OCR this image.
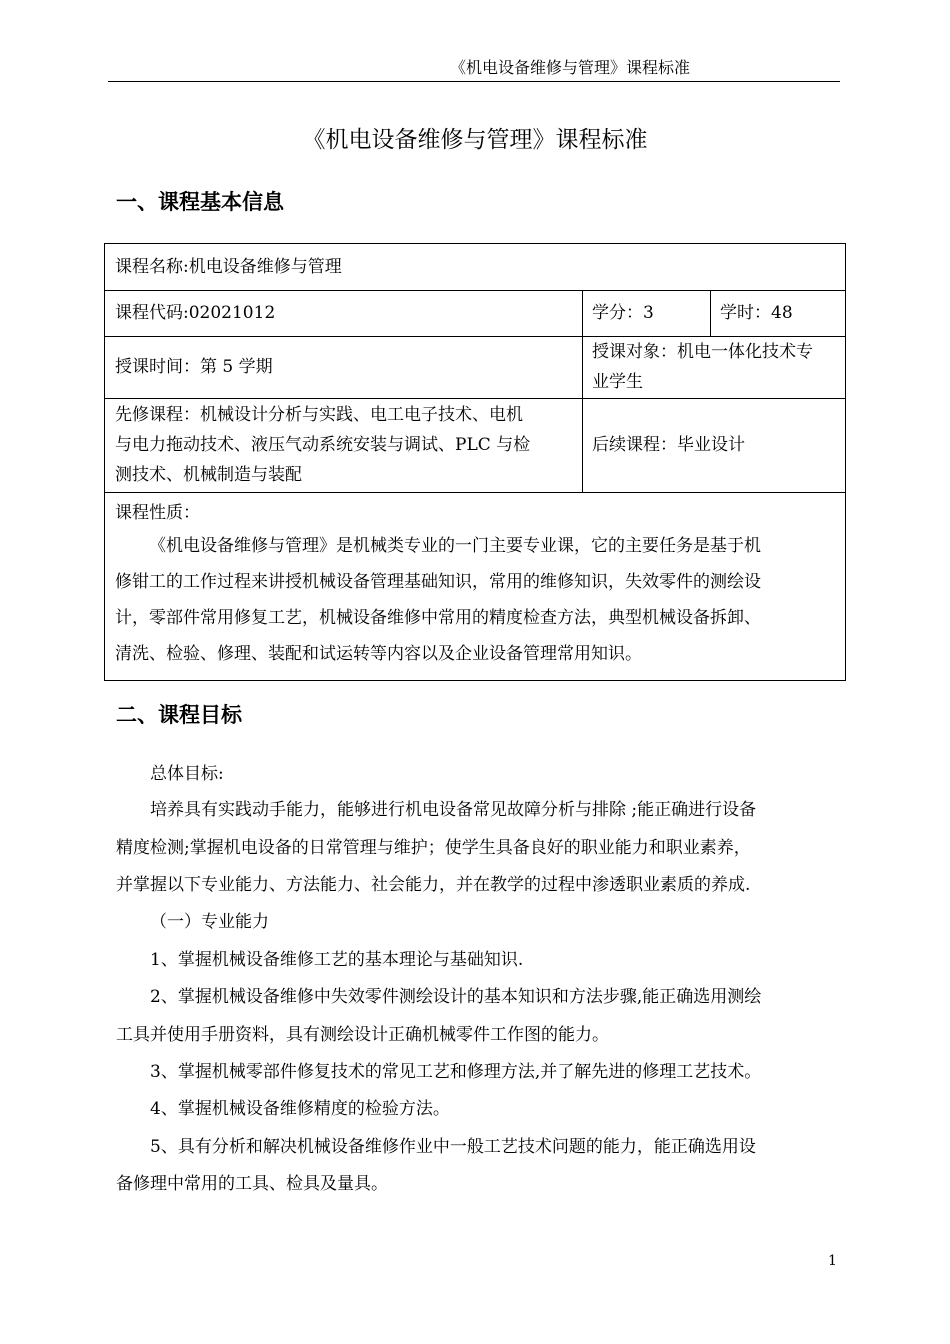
《机电设备维修与管理》课程标准
《机电设备维修与管理》课程标准
一、课程基本信息
课程名称:机电设备维修与管理
课程代码:02021012	学分：3	学时：48
授课时间：第 5 学期
授课对象：机电一体化技术专
业学生
先修课程：机械设计分析与实践、电工电子技术、电机
与电力拖动技术、液压气动系统安装与调试、PLC 与检
测技术、机械制造与装配
后续课程：毕业设计
课程性质：
《机电设备维修与管理》是机械类专业的一门主要专业课，它的主要任务是基于机
修钳工的工作过程来讲授机械设备管理基础知识，常用的维修知识，失效零件的测绘设
计，零部件常用修复工艺，机械设备维修中常用的精度检查方法，典型机械设备拆卸、
清洗、检验、修理、装配和试运转等内容以及企业设备管理常用知识。
二、课程目标
总体目标:
培养具有实践动手能力，能够进行机电设备常见故障分析与排除 ;能正确进行设备
精度检测;掌握机电设备的日常管理与维护；使学生具备良好的职业能力和职业素养，
并掌握以下专业能力、方法能力、社会能力，并在教学的过程中渗透职业素质的养成.
（一）专业能力
1、掌握机械设备维修工艺的基本理论与基础知识.
2、掌握机械设备维修中失效零件测绘设计的基本知识和方法步骤,能正确选用测绘
工具并使用手册资料，具有测绘设计正确机械零件工作图的能力。
3、掌握机械零部件修复技术的常见工艺和修理方法,并了解先进的修理工艺技术。
4、掌握机械设备维修精度的检验方法。
5、具有分析和解决机械设备维修作业中一般工艺技术问题的能力，能正确选用设
备修理中常用的工具、检具及量具。
1
